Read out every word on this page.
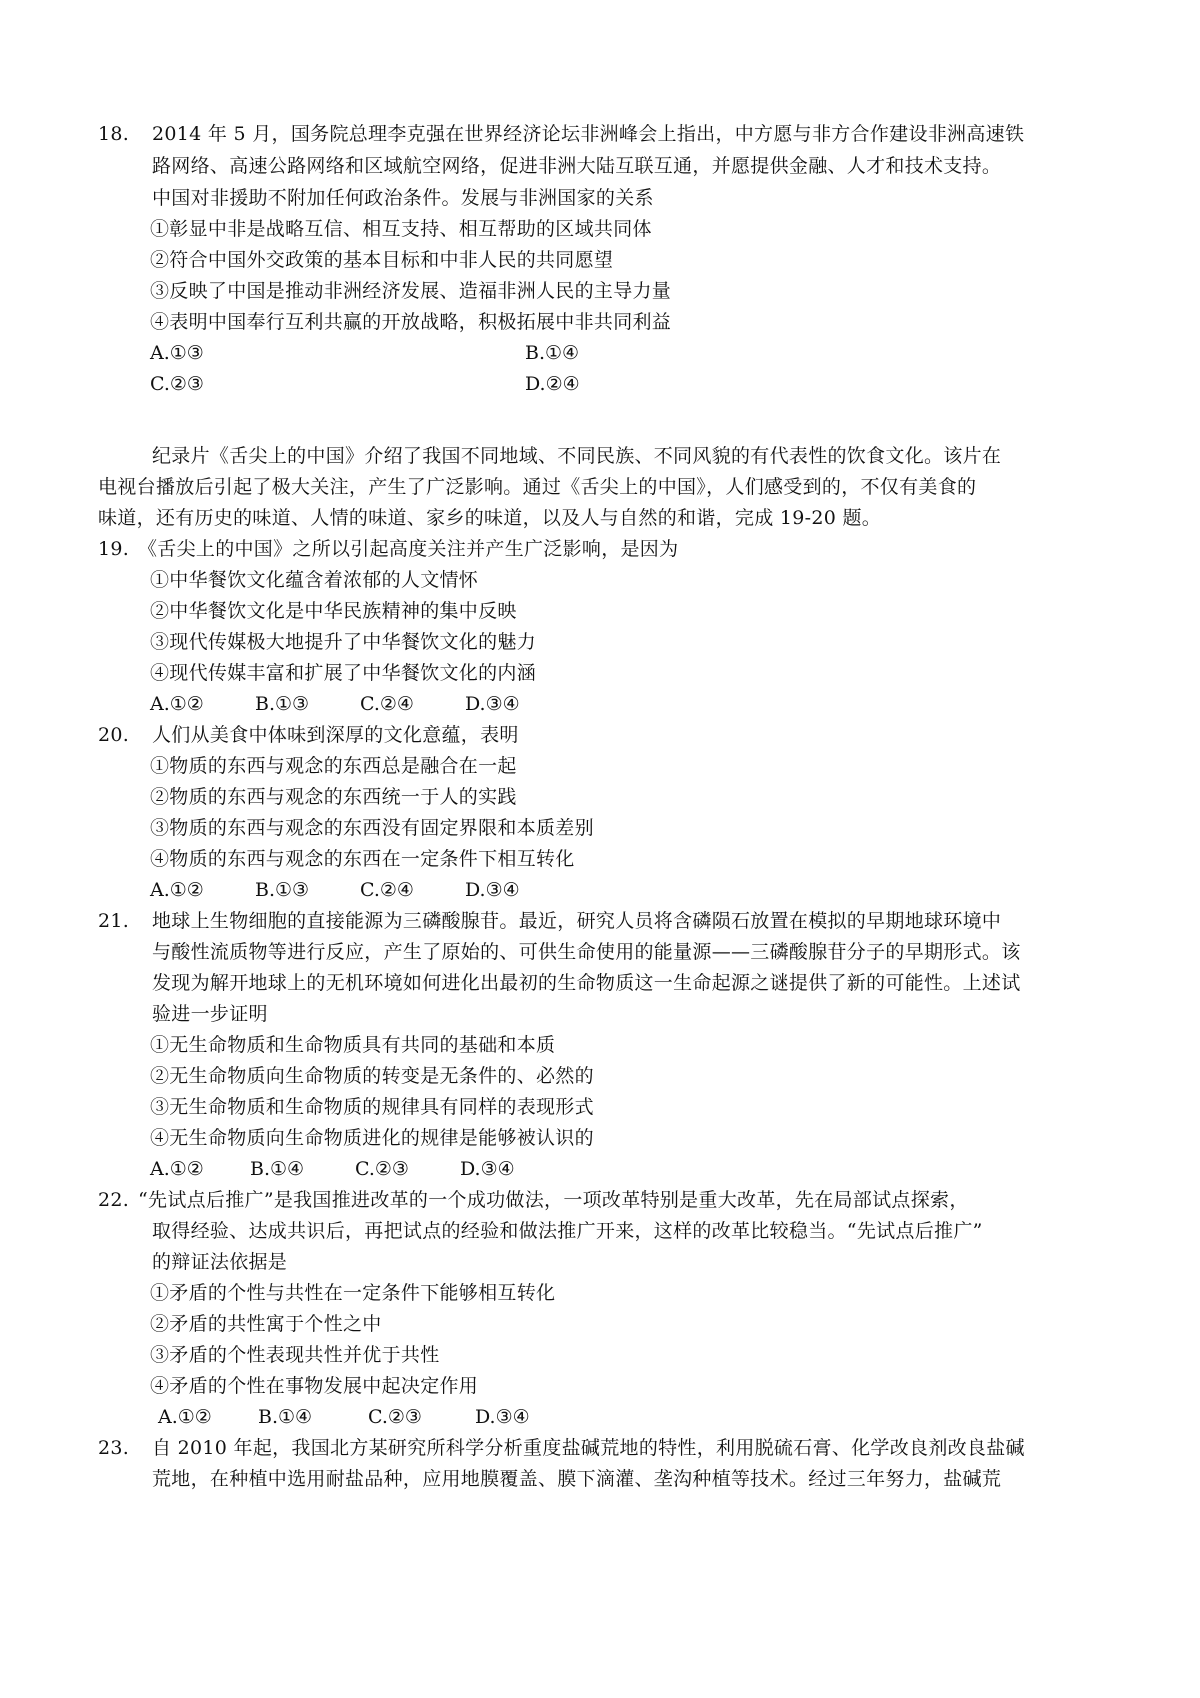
18. 2014 年 5 月，国务院总理李克强在世界经济论坛非洲峰会上指出，中方愿与非方合作建设非洲高速铁
路网络、高速公路网络和区域航空网络，促进非洲大陆互联互通，并愿提供金融、人才和技术支持。
中国对非援助不附加任何政治条件。发展与非洲国家的关系
①彰显中非是战略互信、相互支持、相互帮助的区域共同体
②符合中国外交政策的基本目标和中非人民的共同愿望
③反映了中国是推动非洲经济发展、造福非洲人民的主导力量
④表明中国奉行互利共赢的开放战略，积极拓展中非共同利益
A.①③	B.①④
C.②③	D.②④
纪录片《舌尖上的中国》介绍了我国不同地域、不同民族、不同风貌的有代表性的饮食文化。该片在
电视台播放后引起了极大关注，产生了广泛影响。通过《舌尖上的中国》，人们感受到的，不仅有美食的
味道，还有历史的味道、人情的味道、家乡的味道，以及人与自然的和谐，完成 19-20 题。
19. 《舌尖上的中国》之所以引起高度关注并产生广泛影响，是因为
①中华餐饮文化蕴含着浓郁的人文情怀
②中华餐饮文化是中华民族精神的集中反映
③现代传媒极大地提升了中华餐饮文化的魅力
④现代传媒丰富和扩展了中华餐饮文化的内涵
A.①②	B.①③	C.②④	D.③④
20. 人们从美食中体味到深厚的文化意蕴，表明
①物质的东西与观念的东西总是融合在一起
②物质的东西与观念的东西统一于人的实践
③物质的东西与观念的东西没有固定界限和本质差别
④物质的东西与观念的东西在一定条件下相互转化
A.①②	B.①③	C.②④	D.③④
21. 地球上生物细胞的直接能源为三磷酸腺苷。最近，研究人员将含磷陨石放置在模拟的早期地球环境中
与酸性流质物等进行反应，产生了原始的、可供生命使用的能量源——三磷酸腺苷分子的早期形式。该
发现为解开地球上的无机环境如何进化出最初的生命物质这一生命起源之谜提供了新的可能性。上述试
验进一步证明
①无生命物质和生命物质具有共同的基础和本质
②无生命物质向生命物质的转变是无条件的、必然的
③无生命物质和生命物质的规律具有同样的表现形式
④无生命物质向生命物质进化的规律是能够被认识的
A.①② B.①④	C.②③	D.③④
22. “先试点后推广”是我国推进改革的一个成功做法，一项改革特别是重大改革，先在局部试点探索，
取得经验、达成共识后，再把试点的经验和做法推广开来，这样的改革比较稳当。“先试点后推广”
的辩证法依据是
①矛盾的个性与共性在一定条件下能够相互转化
②矛盾的共性寓于个性之中
③矛盾的个性表现共性并优于共性
④矛盾的个性在事物发展中起决定作用
A.①② B.①④	C.②③	D.③④
23. 自 2010 年起，我国北方某研究所科学分析重度盐碱荒地的特性，利用脱硫石膏、化学改良剂改良盐碱
荒地，在种植中选用耐盐品种，应用地膜覆盖、膜下滴灌、垄沟种植等技术。经过三年努力，盐碱荒
